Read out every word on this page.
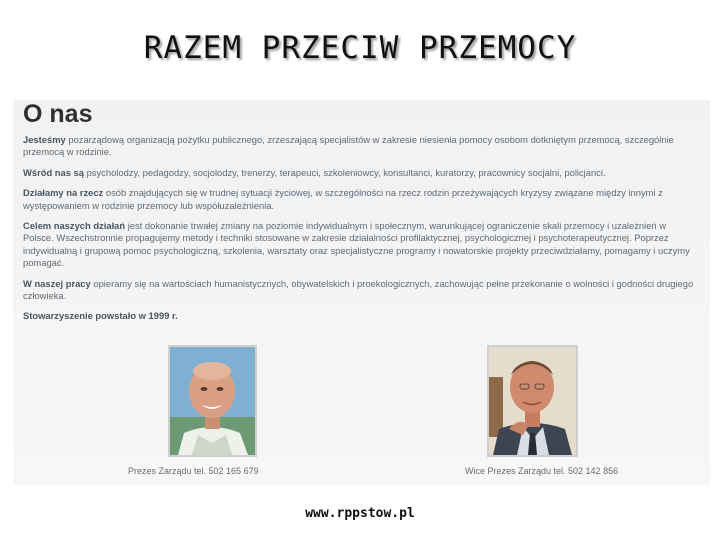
RAZEM PRZECIW PRZEMOCY
O nas

Jesteśmy pozarządową organizacją pożytku publicznego, zrzeszającą specjalistów w zakresie niesienia pomocy osobom dotkniętym przemocą, szczególnie przemocą w rodzinie.

Wśród nas są psycholodzy, pedagodzy, socjolodzy, trenerzy, terapeuci, szkoleniowcy, konsultanci, kuratorzy, pracownicy socjalni, policjanci.

Działamy na rzecz osób znajdujących się w trudnej sytuacji życiowej, w szczególności na rzecz rodzin przeżywających kryzysy związane między innymi z występowaniem w rodzinie przemocy lub współuzależnienia.

Celem naszych działań jest dokonanie trwałej zmiany na poziomie indywidualnym i społecznym, warunkującej ograniczenie skali przemocy i uzależnień w Polsce. Wszechstronnie propagujemy metody i techniki stosowane w zakresie działalności profilaktycznej, psychologicznej i psychoterapeutycznej. Poprzez indywidualną i grupową pomoc psychologiczną, szkolenia, warsztaty oraz specjalistyczne programy i nowatorskie projekty przeciwdziałamy, pomagamy i uczymy pomagać.

W naszej pracy opieramy się na wartościach humanistycznych, obywatelskich i proekologicznych, zachowując pełne przekonanie o wolności i godności drugiego człowieka.

Stowarzyszenie powstało w 1999 r.

Prezes Zarządu tel. 502 165 679	Wice Prezes Zarządu tel. 502 142 856
www.rppstow.pl
